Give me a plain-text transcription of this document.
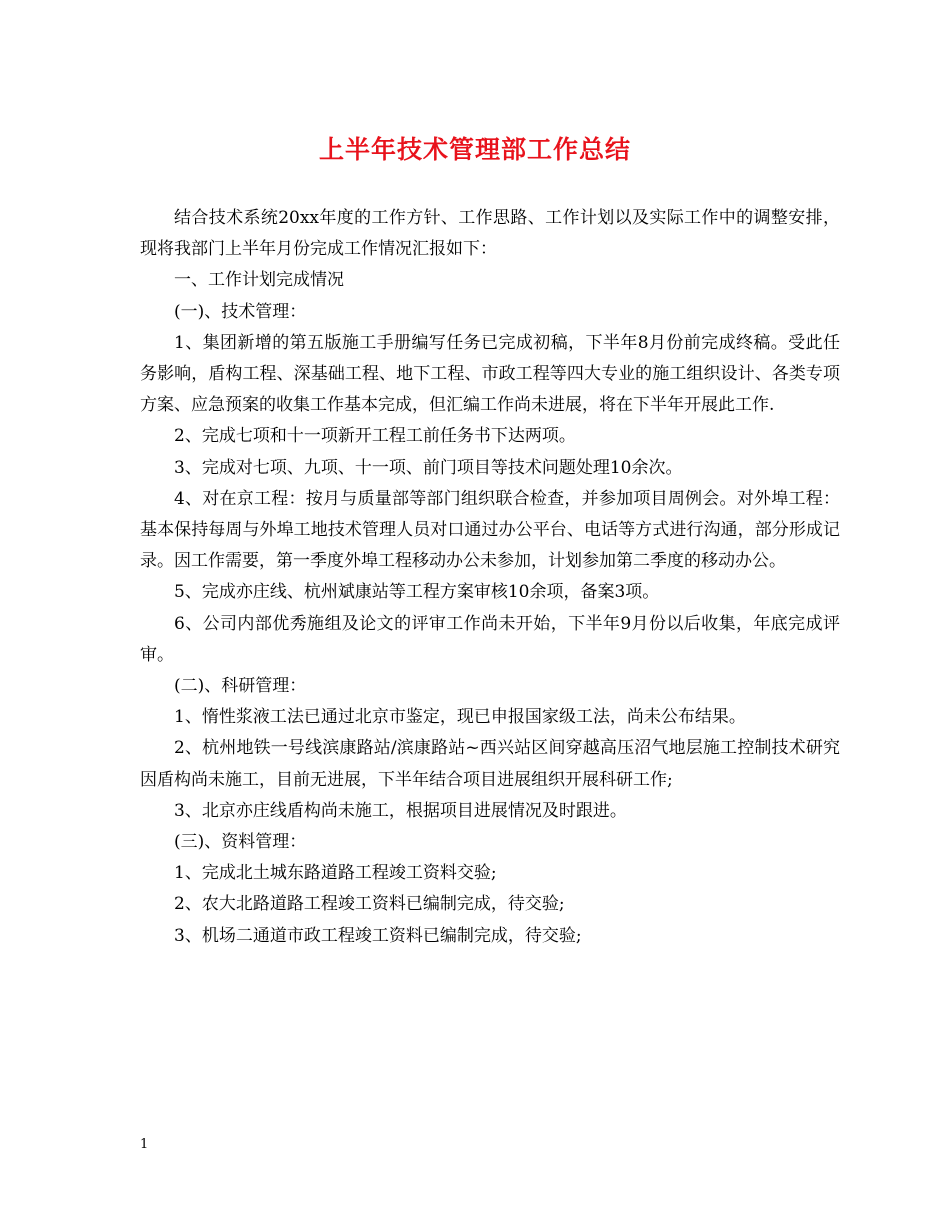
上半年技术管理部工作总结

结合技术系统20xx年度的工作方针、工作思路、工作计划以及实际工作中的调整安排，现将我部门上半年月份完成工作情况汇报如下：

一、工作计划完成情况

(一)、技术管理：

1、集团新增的第五版施工手册编写任务已完成初稿，下半年8月份前完成终稿。受此任务影响，盾构工程、深基础工程、地下工程、市政工程等四大专业的施工组织设计、各类专项方案、应急预案的收集工作基本完成，但汇编工作尚未进展，将在下半年开展此工作.

2、完成七项和十一项新开工程工前任务书下达两项。

3、完成对七项、九项、十一项、前门项目等技术问题处理10余次。

4、对在京工程：按月与质量部等部门组织联合检查，并参加项目周例会。对外埠工程：基本保持每周与外埠工地技术管理人员对口通过办公平台、电话等方式进行沟通，部分形成记录。因工作需要，第一季度外埠工程移动办公未参加，计划参加第二季度的移动办公。

5、完成亦庄线、杭州斌康站等工程方案审核10余项，备案3项。

6、公司内部优秀施组及论文的评审工作尚未开始，下半年9月份以后收集，年底完成评审。

(二)、科研管理：

1、惰性浆液工法已通过北京市鉴定，现已申报国家级工法，尚未公布结果。

2、杭州地铁一号线滨康路站/滨康路站~西兴站区间穿越高压沼气地层施工控制技术研究因盾构尚未施工，目前无进展，下半年结合项目进展组织开展科研工作;

3、北京亦庄线盾构尚未施工，根据项目进展情况及时跟进。

(三)、资料管理：

1、完成北土城东路道路工程竣工资料交验;

2、农大北路道路工程竣工资料已编制完成，待交验;

3、机场二通道市政工程竣工资料已编制完成，待交验;

1
